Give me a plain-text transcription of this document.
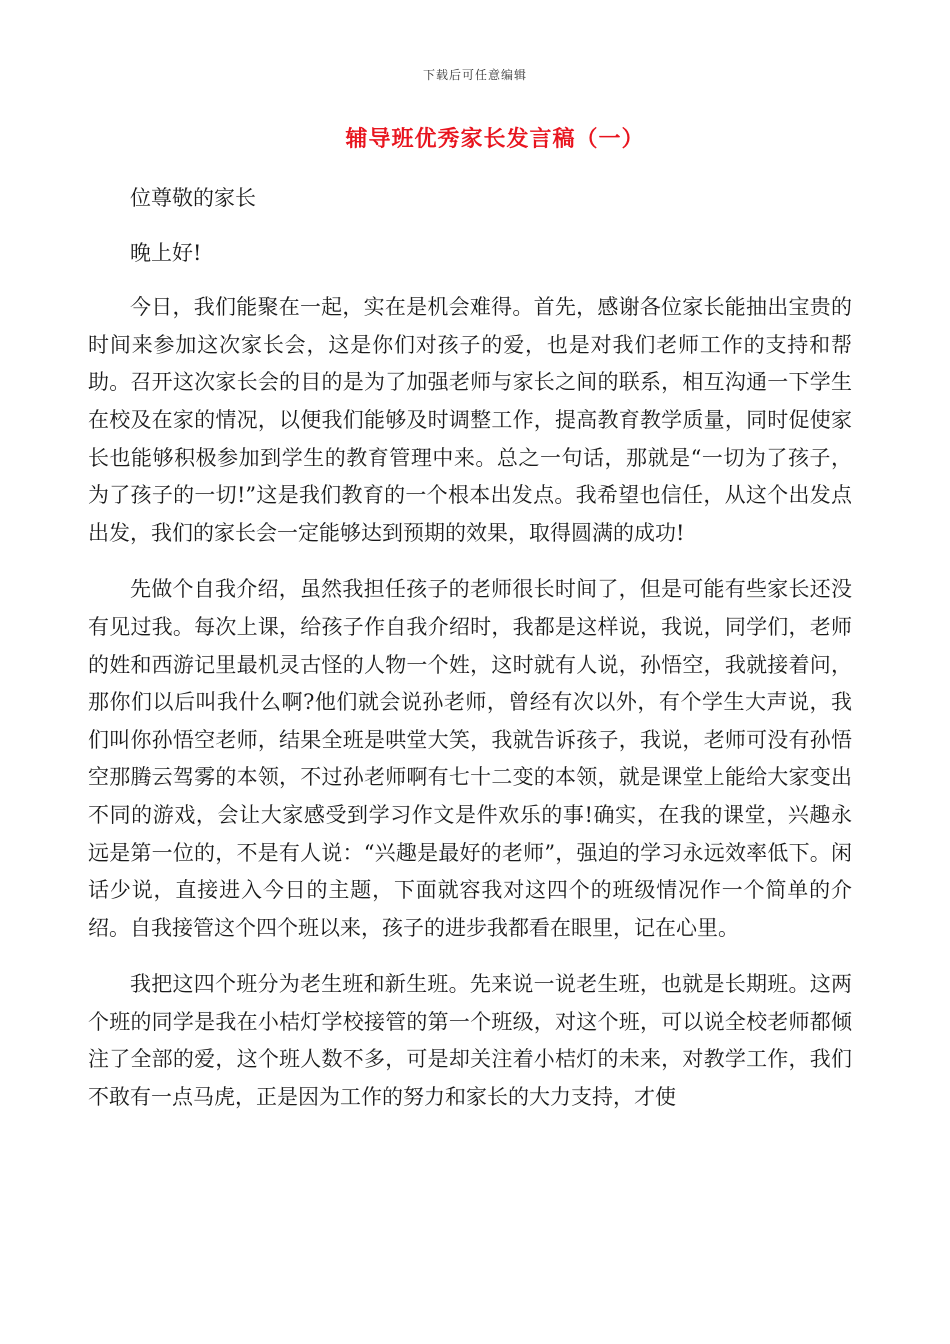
下载后可任意编辑
辅导班优秀家长发言稿（一）

位尊敬的家长

晚上好!

今日，我们能聚在一起，实在是机会难得。首先，感谢各位家长能抽出宝贵的时间来参加这次家长会，这是你们对孩子的爱，也是对我们老师工作的支持和帮助。召开这次家长会的目的是为了加强老师与家长之间的联系，相互沟通一下学生在校及在家的情况，以便我们能够及时调整工作，提高教育教学质量，同时促使家长也能够积极参加到学生的教育管理中来。总之一句话，那就是“一切为了孩子，为了孩子的一切!”这是我们教育的一个根本出发点。我希望也信任，从这个出发点出发，我们的家长会一定能够达到预期的效果，取得圆满的成功!

先做个自我介绍，虽然我担任孩子的老师很长时间了，但是可能有些家长还没有见过我。每次上课，给孩子作自我介绍时，我都是这样说，我说，同学们，老师的姓和西游记里最机灵古怪的人物一个姓，这时就有人说，孙悟空，我就接着问，那你们以后叫我什么啊?他们就会说孙老师，曾经有次以外，有个学生大声说，我们叫你孙悟空老师，结果全班是哄堂大笑，我就告诉孩子，我说，老师可没有孙悟空那腾云驾雾的本领，不过孙老师啊有七十二变的本领，就是课堂上能给大家变出不同的游戏，会让大家感受到学习作文是件欢乐的事!确实，在我的课堂，兴趣永远是第一位的，不是有人说：“兴趣是最好的老师”，强迫的学习永远效率低下。闲话少说，直接进入今日的主题，下面就容我对这四个的班级情况作一个简单的介绍。自我接管这个四个班以来，孩子的进步我都看在眼里，记在心里。

我把这四个班分为老生班和新生班。先来说一说老生班，也就是长期班。这两个班的同学是我在小桔灯学校接管的第一个班级，对这个班，可以说全校老师都倾注了全部的爱，这个班人数不多，可是却关注着小桔灯的未来，对教学工作，我们不敢有一点马虎，正是因为工作的努力和家长的大力支持，才使
